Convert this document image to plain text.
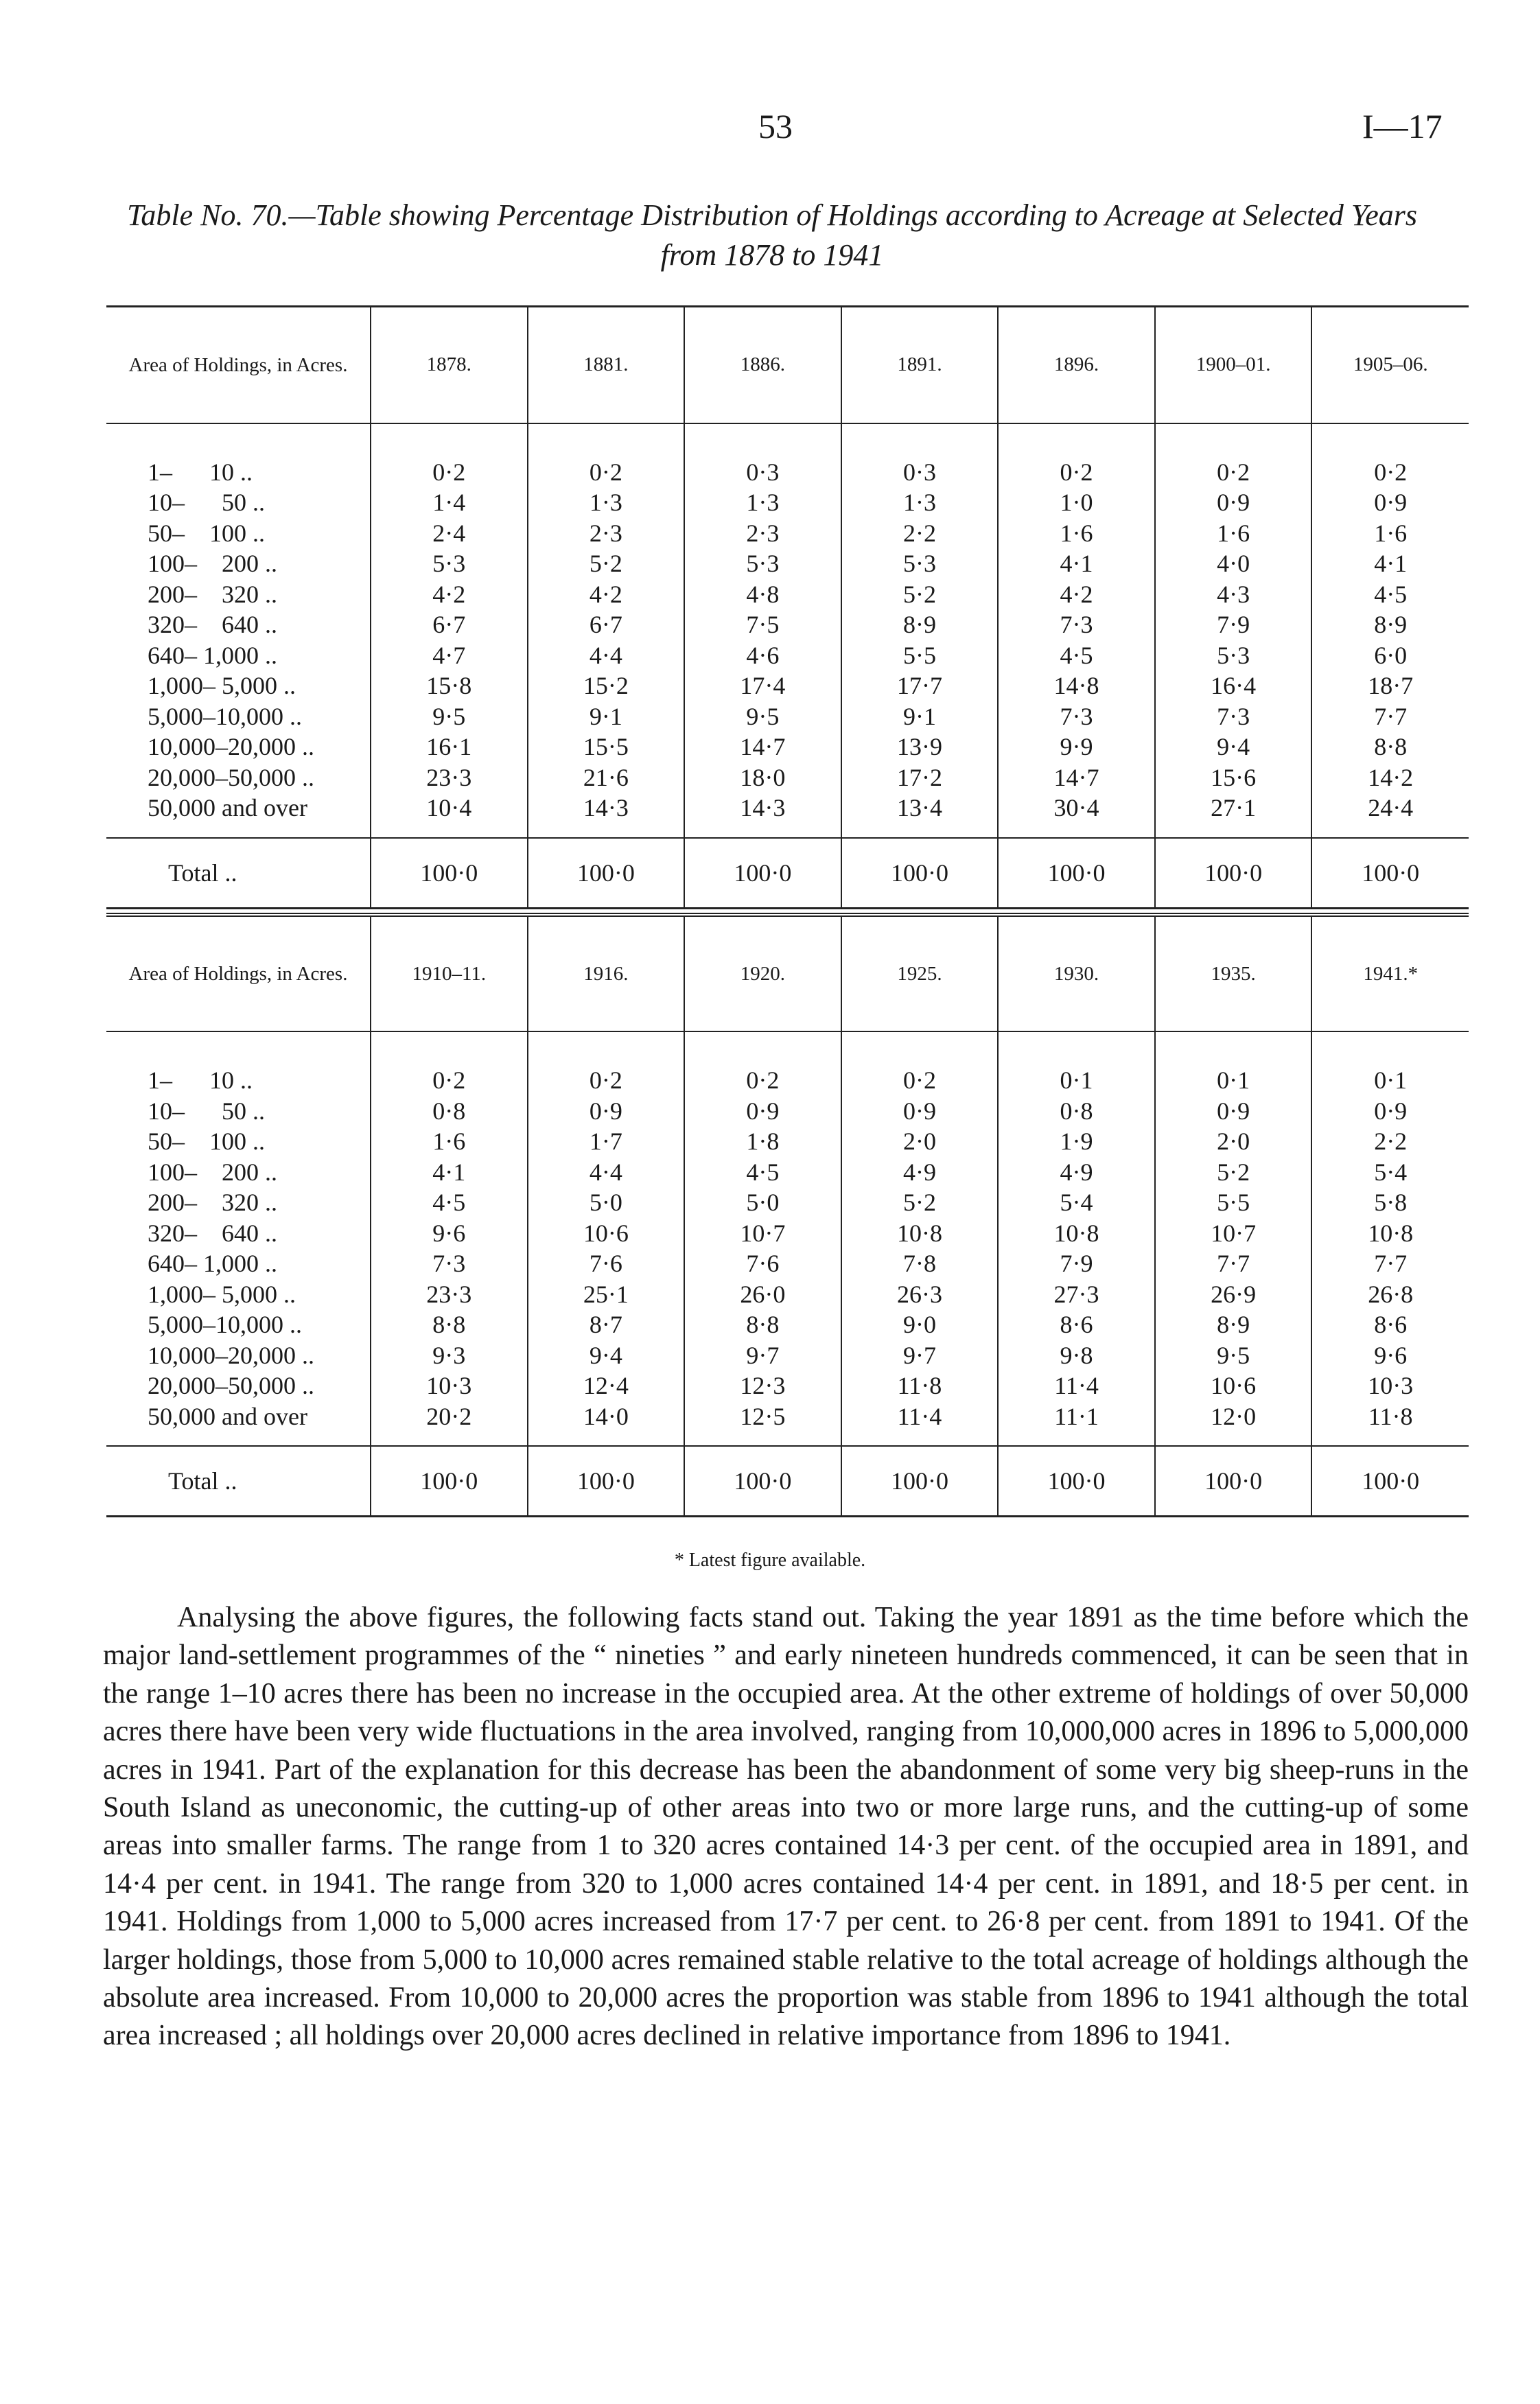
53	I—17
Table No. 70.—Table showing Percentage Distribution of Holdings according to Acreage at Selected Years from 1878 to 1941
Area of Holdings, in Acres.	1878.	1881.	1886.	1891.	1896.	1900–01.	1905–06.
1–      10 ..	0·2	0·2	0·3	0·3	0·2	0·2	0·2
10–      50 ..	1·4	1·3	1·3	1·3	1·0	0·9	0·9
50–    100 ..	2·4	2·3	2·3	2·2	1·6	1·6	1·6
100–    200 ..	5·3	5·2	5·3	5·3	4·1	4·0	4·1
200–    320 ..	4·2	4·2	4·8	5·2	4·2	4·3	4·5
320–    640 ..	6·7	6·7	7·5	8·9	7·3	7·9	8·9
640– 1,000 ..	4·7	4·4	4·6	5·5	4·5	5·3	6·0
1,000– 5,000 ..	15·8	15·2	17·4	17·7	14·8	16·4	18·7
5,000–10,000 ..	9·5	9·1	9·5	9·1	7·3	7·3	7·7
10,000–20,000 ..	16·1	15·5	14·7	13·9	9·9	9·4	8·8
20,000–50,000 ..	23·3	21·6	18·0	17·2	14·7	15·6	14·2
50,000 and over	10·4	14·3	14·3	13·4	30·4	27·1	24·4
Total ..	100·0	100·0	100·0	100·0	100·0	100·0	100·0
Area of Holdings, in Acres.	1910–11.	1916.	1920.	1925.	1930.	1935.	1941.*
1–      10 ..	0·2	0·2	0·2	0·2	0·1	0·1	0·1
10–      50 ..	0·8	0·9	0·9	0·9	0·8	0·9	0·9
50–    100 ..	1·6	1·7	1·8	2·0	1·9	2·0	2·2
100–    200 ..	4·1	4·4	4·5	4·9	4·9	5·2	5·4
200–    320 ..	4·5	5·0	5·0	5·2	5·4	5·5	5·8
320–    640 ..	9·6	10·6	10·7	10·8	10·8	10·7	10·8
640– 1,000 ..	7·3	7·6	7·6	7·8	7·9	7·7	7·7
1,000– 5,000 ..	23·3	25·1	26·0	26·3	27·3	26·9	26·8
5,000–10,000 ..	8·8	8·7	8·8	9·0	8·6	8·9	8·6
10,000–20,000 ..	9·3	9·4	9·7	9·7	9·8	9·5	9·6
20,000–50,000 ..	10·3	12·4	12·3	11·8	11·4	10·6	10·3
50,000 and over	20·2	14·0	12·5	11·4	11·1	12·0	11·8
Total ..	100·0	100·0	100·0	100·0	100·0	100·0	100·0
* Latest figure available.

Analysing the above figures, the following facts stand out. Taking the year 1891 as the time before which the major land-settlement programmes of the “ nineties ” and early nineteen hundreds commenced, it can be seen that in the range 1–10 acres there has been no increase in the occupied area. At the other extreme of holdings of over 50,000 acres there have been very wide fluctuations in the area involved, ranging from 10,000,000 acres in 1896 to 5,000,000 acres in 1941. Part of the explanation for this decrease has been the abandonment of some very big sheep-runs in the South Island as uneconomic, the cutting-up of other areas into two or more large runs, and the cutting-up of some areas into smaller farms. The range from 1 to 320 acres contained 14·3 per cent. of the occupied area in 1891, and 14·4 per cent. in 1941. The range from 320 to 1,000 acres contained 14·4 per cent. in 1891, and 18·5 per cent. in 1941. Holdings from 1,000 to 5,000 acres increased from 17·7 per cent. to 26·8 per cent. from 1891 to 1941. Of the larger holdings, those from 5,000 to 10,000 acres remained stable relative to the total acreage of holdings although the absolute area increased. From 10,000 to 20,000 acres the proportion was stable from 1896 to 1941 although the total area increased ; all holdings over 20,000 acres declined in relative importance from 1896 to 1941.
